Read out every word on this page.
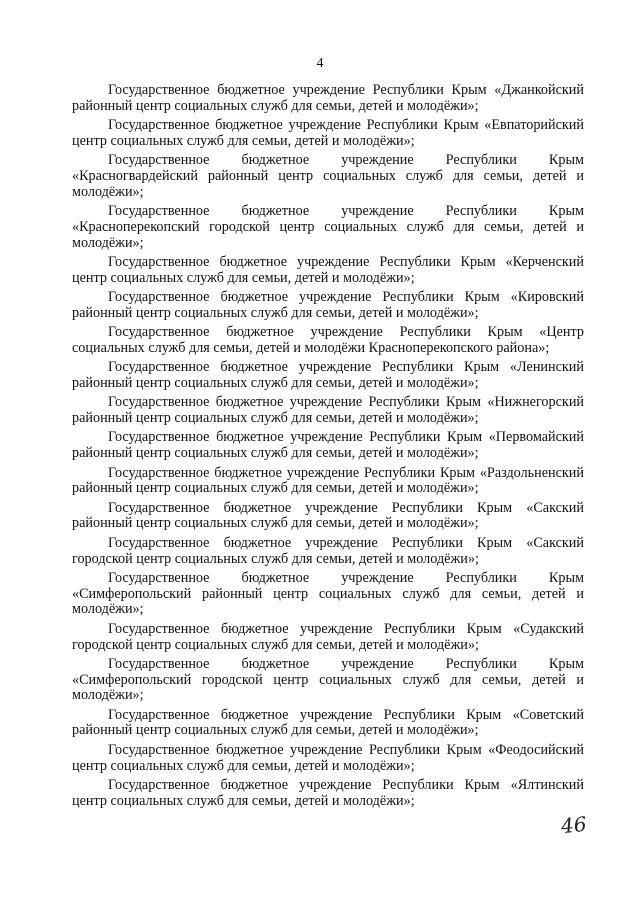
4

Государственное бюджетное учреждение Республики Крым «Джанкойский районный центр социальных служб для семьи, детей и молодёжи»;

Государственное бюджетное учреждение Республики Крым «Евпаторийский центр социальных служб для семьи, детей и молодёжи»;

Государственное бюджетное учреждение Республики Крым «Красногвардейский районный центр социальных служб для семьи, детей и молодёжи»;

Государственное бюджетное учреждение Республики Крым «Красноперекопский городской центр социальных служб для семьи, детей и молодёжи»;

Государственное бюджетное учреждение Республики Крым «Керченский центр социальных служб для семьи, детей и молодёжи»;

Государственное бюджетное учреждение Республики Крым «Кировский районный центр социальных служб для семьи, детей и молодёжи»;

Государственное бюджетное учреждение Республики Крым «Центр социальных служб для семьи, детей и молодёжи Красноперекопского района»;

Государственное бюджетное учреждение Республики Крым «Ленинский районный центр социальных служб для семьи, детей и молодёжи»;

Государственное бюджетное учреждение Республики Крым «Нижнегорский районный центр социальных служб для семьи, детей и молодёжи»;

Государственное бюджетное учреждение Республики Крым «Первомайский районный центр социальных служб для семьи, детей и молодёжи»;

Государственное бюджетное учреждение Республики Крым «Раздольненский районный центр социальных служб для семьи, детей и молодёжи»;

Государственное бюджетное учреждение Республики Крым «Сакский районный центр социальных служб для семьи, детей и молодёжи»;

Государственное бюджетное учреждение Республики Крым «Сакский городской центр социальных служб для семьи, детей и молодёжи»;

Государственное бюджетное учреждение Республики Крым «Симферопольский районный центр социальных служб для семьи, детей и молодёжи»;

Государственное бюджетное учреждение Республики Крым «Судакский городской центр социальных служб для семьи, детей и молодёжи»;

Государственное бюджетное учреждение Республики Крым «Симферопольский городской центр социальных служб для семьи, детей и молодёжи»;

Государственное бюджетное учреждение Республики Крым «Советский районный центр социальных служб для семьи, детей и молодёжи»;

Государственное бюджетное учреждение Республики Крым «Феодосийский центр социальных служб для семьи, детей и молодёжи»;

Государственное бюджетное учреждение Республики Крым «Ялтинский центр социальных служб для семьи, детей и молодёжи»;

46
